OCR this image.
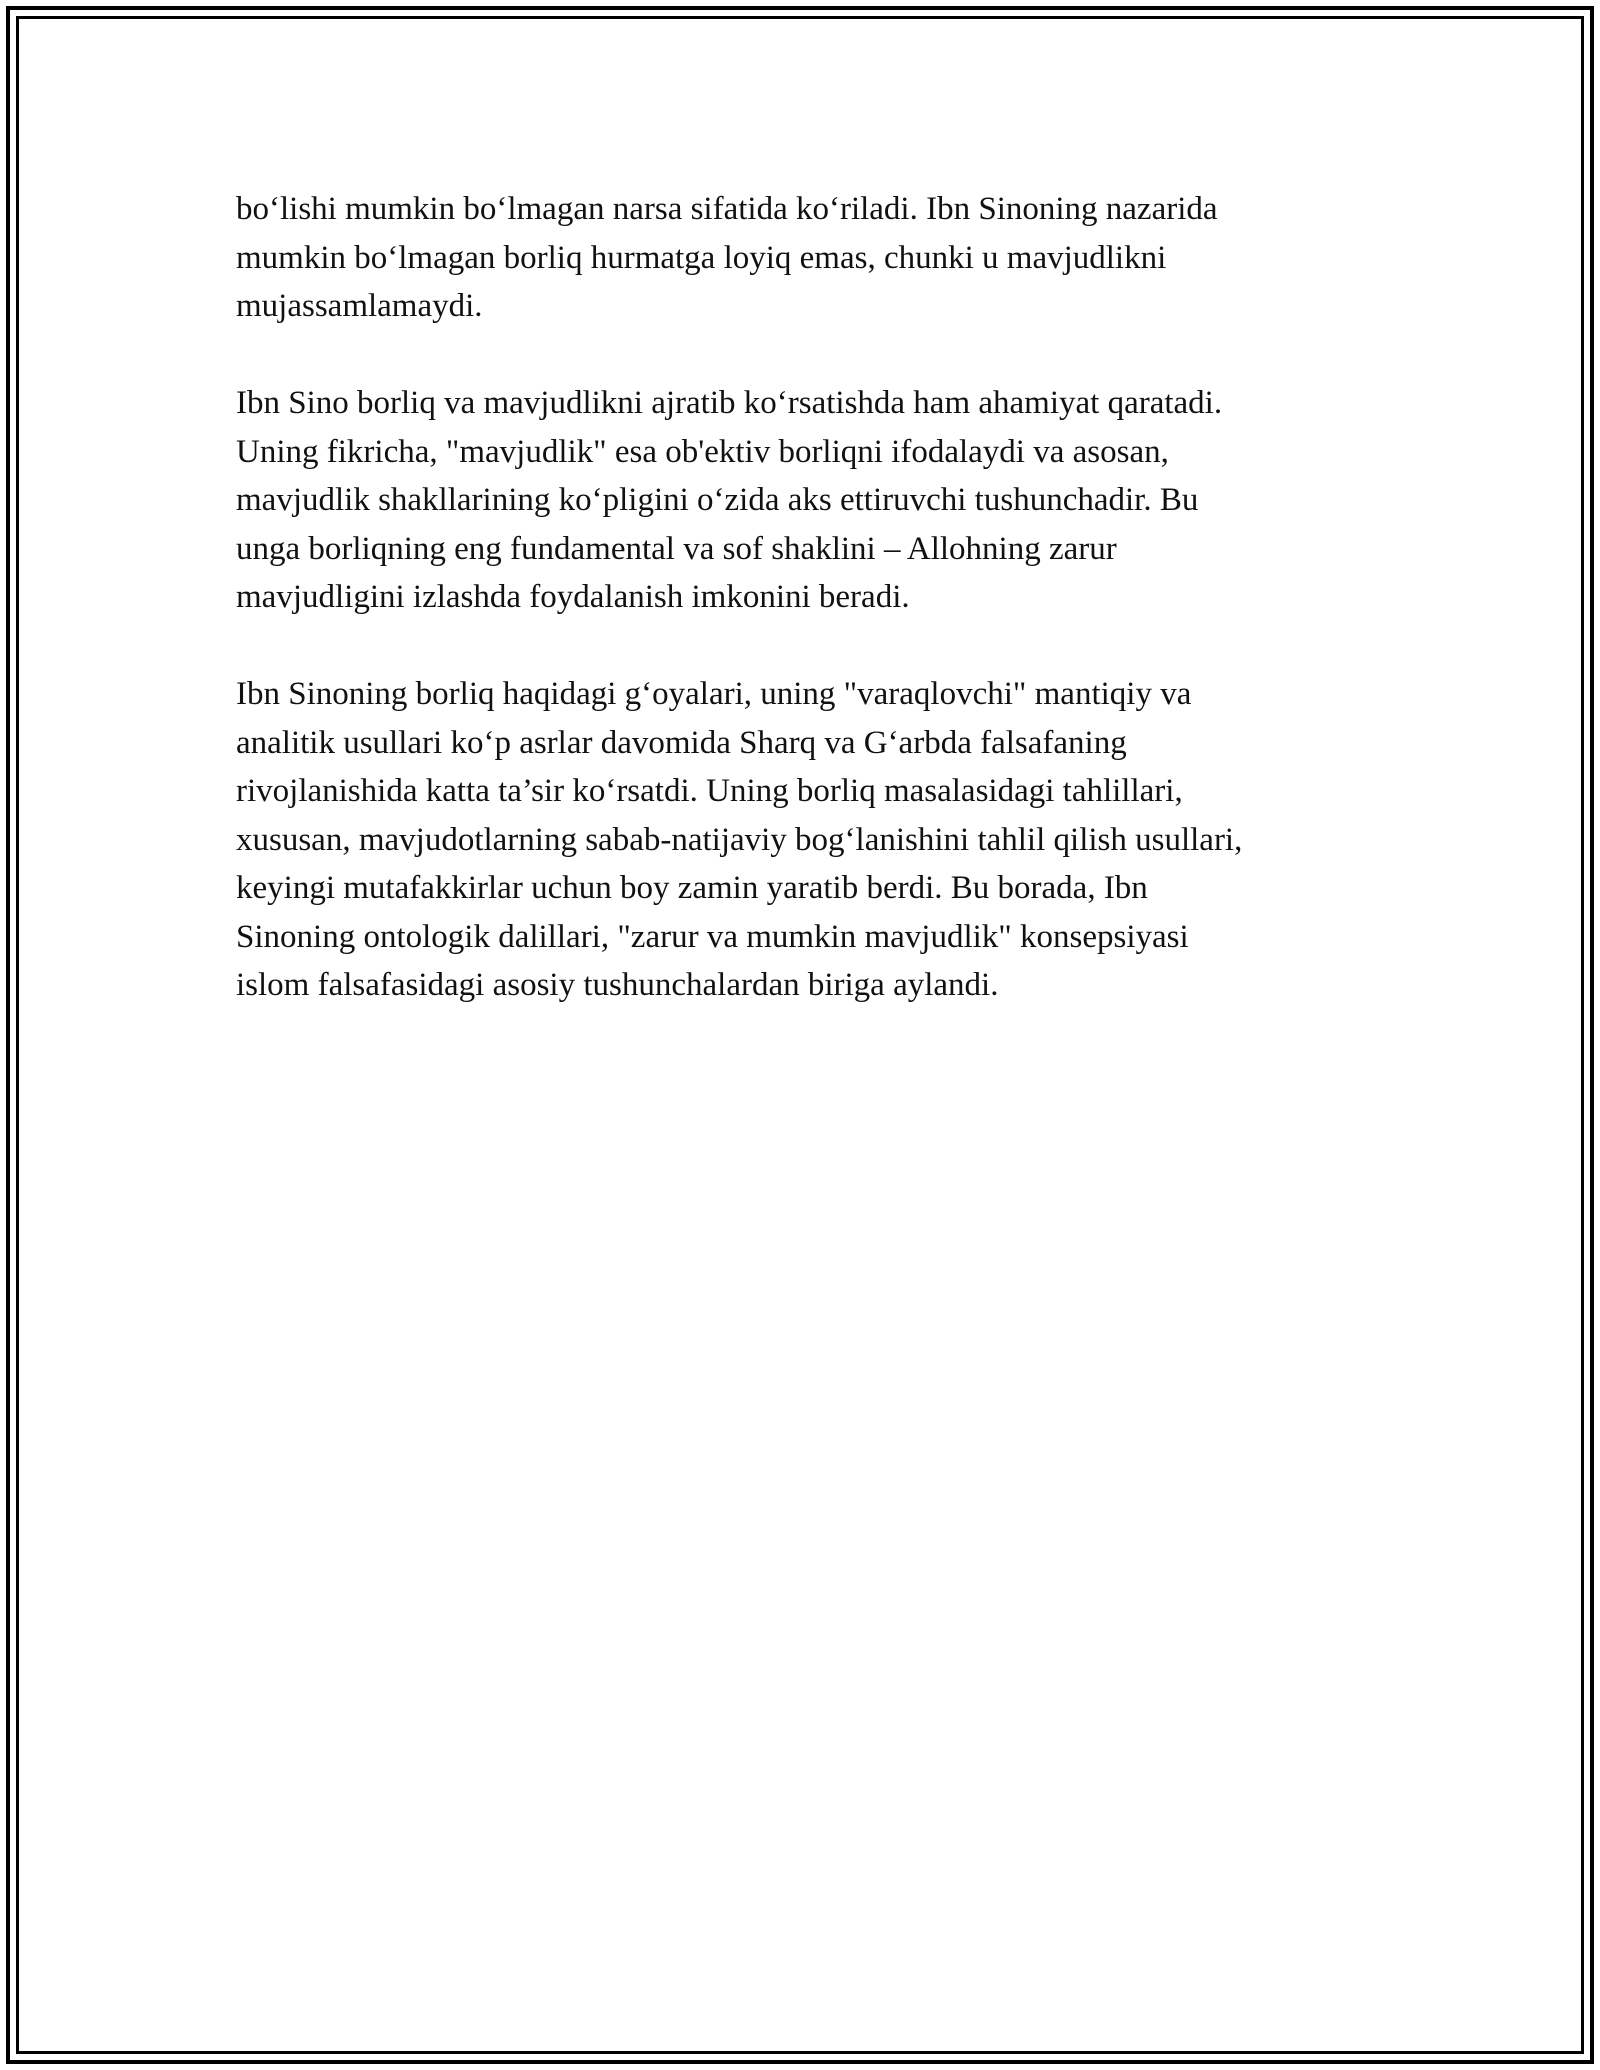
bo‘lishi mumkin bo‘lmagan narsa sifatida ko‘riladi. Ibn Sinoning nazarida
mumkin bo‘lmagan borliq hurmatga loyiq emas, chunki u mavjudlikni
mujassamlamaydi.

Ibn Sino borliq va mavjudlikni ajratib ko‘rsatishda ham ahamiyat qaratadi.
Uning fikricha, "mavjudlik" esa ob'ektiv borliqni ifodalaydi va asosan,
mavjudlik shakllarining ko‘pligini o‘zida aks ettiruvchi tushunchadir. Bu
unga borliqning eng fundamental va sof shaklini – Allohning zarur
mavjudligini izlashda foydalanish imkonini beradi.

Ibn Sinoning borliq haqidagi g‘oyalari, uning "varaqlovchi" mantiqiy va
analitik usullari ko‘p asrlar davomida Sharq va G‘arbda falsafaning
rivojlanishida katta ta’sir ko‘rsatdi. Uning borliq masalasidagi tahlillari,
xususan, mavjudotlarning sabab-natijaviy bog‘lanishini tahlil qilish usullari,
keyingi mutafakkirlar uchun boy zamin yaratib berdi. Bu borada, Ibn
Sinoning ontologik dalillari, "zarur va mumkin mavjudlik" konsepsiyasi
islom falsafasidagi asosiy tushunchalardan biriga aylandi.
